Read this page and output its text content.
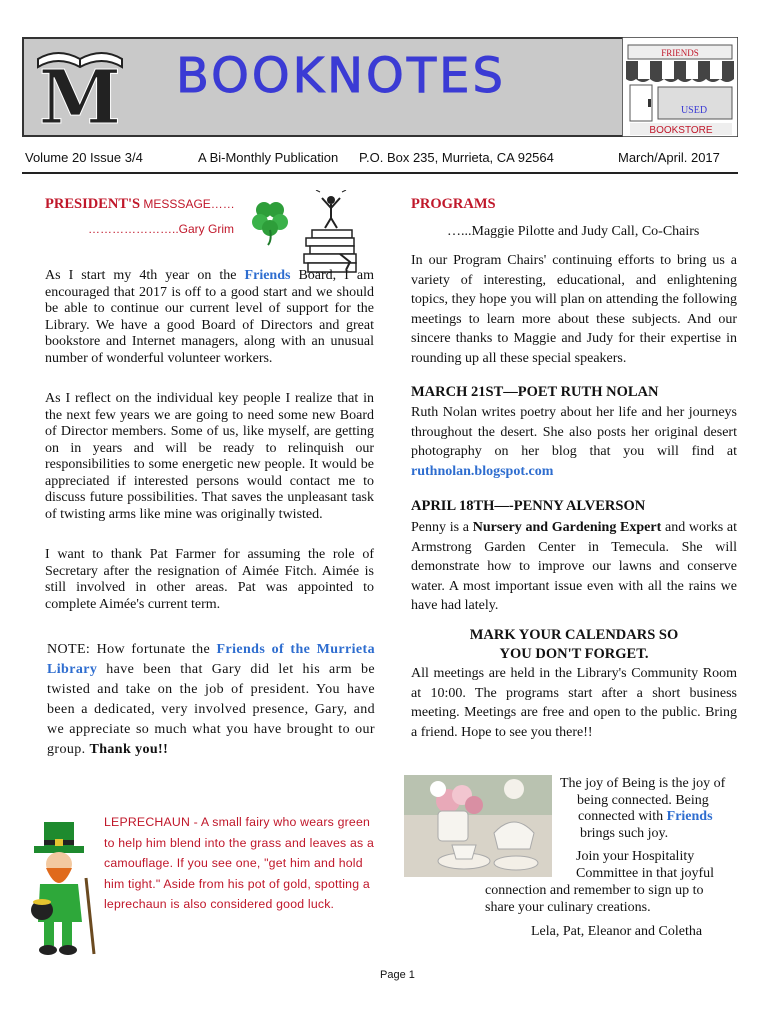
M BOOKNOTES	FRIENDS
USED
BOOKSTORE
Volume 20 Issue 3/4	A Bi-Monthly Publication P.O. Box 235, Murrieta, CA 92564	March/April. 2017
PRESIDENT'S MESSSAGE……
…………………..Gary Grim
As I start my 4th year on the Friends Board, I am encouraged that 2017 is off to a good start and we should be able to continue our current level of support for the Library. We have a good Board of Directors and great bookstore and Internet managers, along with an unusual number of wonderful volunteer workers.
As I reflect on the individual key people I realize that in the next few years we are going to need some new Board of Director members. Some of us, like myself, are getting on in years and will be ready to relinquish our responsibilities to some energetic new people. It would be appreciated if interested persons would contact me to discuss future possibilities. That saves the unpleasant task of twisting arms like mine was originally twisted.
I want to thank Pat Farmer for assuming the role of Secretary after the resignation of Aimée Fitch. Aimée is still involved in other areas. Pat was appointed to complete Aimée's current term.
NOTE: How fortunate the Friends of the Murrieta Library have been that Gary did let his arm be twisted and take on the job of president. You have been a dedicated, very involved presence, Gary, and we appreciate so much what you have brought to our group. Thank you!!
LEPRECHAUN - A small fairy who wears green to help him blend into the grass and leaves as a camouflage. If you see one, "get him and hold him tight." Aside from his pot of gold, spotting a leprechaun is also considered good luck.
PROGRAMS
…...Maggie Pilotte and Judy Call, Co-Chairs
In our Program Chairs' continuing efforts to bring us a variety of interesting, educational, and enlightening topics, they hope you will plan on attending the following meetings to learn more about these subjects. And our sincere thanks to Maggie and Judy for their expertise in rounding up all these special speakers.
MARCH 21ST—POET RUTH NOLAN
Ruth Nolan writes poetry about her life and her journeys throughout the desert. She also posts her original desert photography on her blog that you will find at ruthnolan.blogspot.com
APRIL 18TH—-PENNY ALVERSON
Penny is a Nursery and Gardening Expert and works at Armstrong Garden Center in Temecula. She will demonstrate how to improve our lawns and conserve water. A most important issue even with all the rains we have had lately.
MARK YOUR CALENDARS SO
YOU DON'T FORGET.
All meetings are held in the Library's Community Room at 10:00. The programs start after a short business meeting. Meetings are free and open to the public. Bring a friend. Hope to see you there!!
The joy of Being is the joy of
being connected. Being
connected with Friends
brings such joy.
Join your Hospitality
Committee in that joyful
connection and remember to sign up to
share your culinary creations.
Lela, Pat, Eleanor and Coletha
Page 1
